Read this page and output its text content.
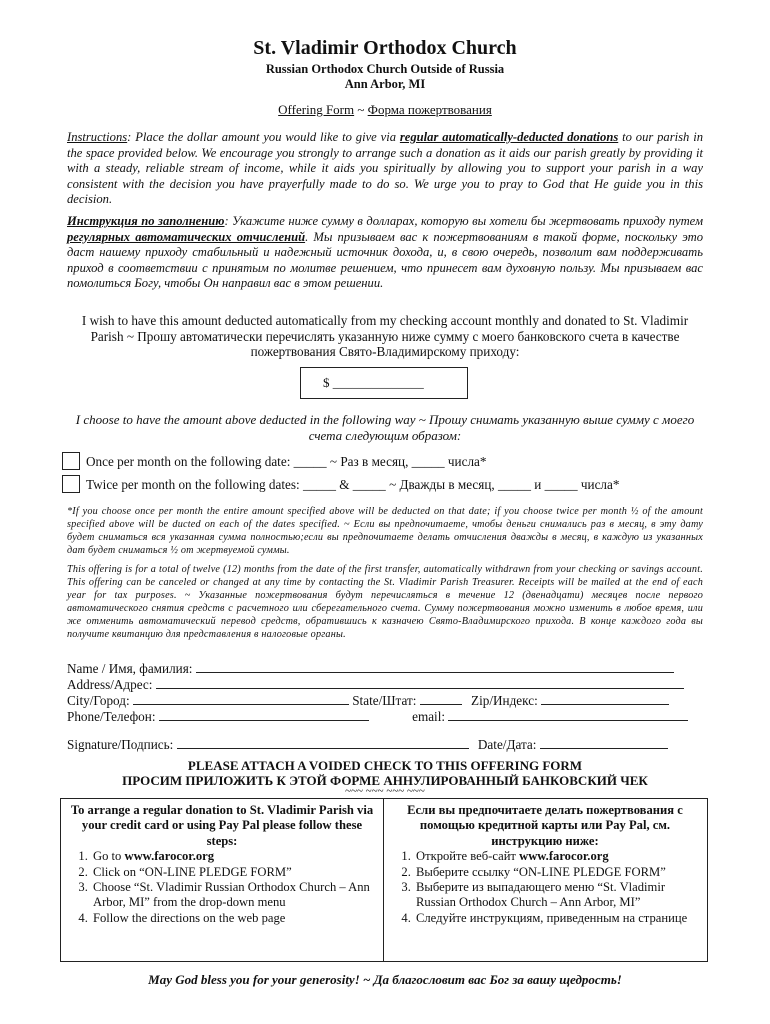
St. Vladimir Orthodox Church
Russian Orthodox Church Outside of Russia
Ann Arbor, MI
Offering Form ~ Форма пожертвования
Instructions: Place the dollar amount you would like to give via regular automatically-deducted donations to our parish in the space provided below. We encourage you strongly to arrange such a donation as it aids our parish greatly by providing it with a steady, reliable stream of income, while it aids you spiritually by allowing you to support your parish in a way consistent with the decision you have prayerfully made to do so. We urge you to pray to God that He guide you in this decision.
Инструкция по заполнению: Укажите ниже сумму в долларах, которую вы хотели бы жертвовать приходу путем регулярных автоматических отчислений. Мы призываем вас к пожертвованиям в такой форме, поскольку это даст нашему приходу стабильный и надежный источник дохода, и, в свою очередь, позволит вам поддерживать приход в соответствии с принятым по молитве решением, что принесет вам духовную пользу. Мы призываем вас помолиться Богу, чтобы Он направил вас в этом решении.
I wish to have this amount deducted automatically from my checking account monthly and donated to St. Vladimir Parish ~ Прошу автоматически перечислять указанную ниже сумму с моего банковского счета в качестве пожертвования Свято-Владимирскому приходу:
$ ______________
I choose to have the amount above deducted in the following way ~ Прошу снимать указанную выше сумму с моего счета следующим образом:
Once per month on the following date: _____ ~ Раз в месяц, _____ числа*
Twice per month on the following dates: _____ & _____ ~ Дважды в месяц, _____ и _____ числа*
*If you choose once per month the entire amount specified above will be deducted on that date; if you choose twice per month ½ of the amount specified above will be ducted on each of the dates specified. ~ Если вы предпочитаете, чтобы деньги снимались раз в месяц, в эту дату будет сниматься вся указанная сумма полностью;если вы предпочитаете делать отчисления дважды в месяц, в каждую из указанных дат будет сниматься ½ от жертвуемой суммы.
This offering is for a total of twelve (12) months from the date of the first transfer, automatically withdrawn from your checking or savings account. This offering can be canceled or changed at any time by contacting the St. Vladimir Parish Treasurer. Receipts will be mailed at the end of each year for tax purposes. ~ Указанные пожертвования будут перечисляться в течение 12 (двенадцати) месяцев после первого автоматического снятия средств с расчетного или сберегательного счета. Сумму пожертвования можно изменить в любое время, или же отменить автоматический перевод средств, обратившись к казначею Свято-Владимирского прихода. В конце каждого года вы получите квитанцию для представления в налоговые органы.
Name / Имя, фамилия:
Address/Адрес:
City/Город:	State/Штат:	Zip/Индекс:
Phone/Телефон:	email:
Signature/Подпись:	Date/Дата:
PLEASE ATTACH A VOIDED CHECK TO THIS OFFERING FORM
ПРОСИМ ПРИЛОЖИТЬ К ЭТОЙ ФОРМЕ АННУЛИРОВАННЫЙ БАНКОВСКИЙ ЧЕК
~~~ ~~~ ~~~ ~~~
To arrange a regular donation to St. Vladimir Parish via your credit card or using Pay Pal please follow these steps:
1. Go to www.farocor.org
2. Click on “ON-LINE PLEDGE FORM”
3. Choose “St. Vladimir Russian Orthodox Church – Ann Arbor, MI” from the drop-down menu
4. Follow the directions on the web page
Если вы предпочитаете делать пожертвования с помощью кредитной карты или Pay Pal, см. инструкцию ниже:
1. Откройте веб-сайт www.farocor.org
2. Выберите ссылку “ON-LINE PLEDGE FORM”
3. Выберите из выпадающего меню “St. Vladimir Russian Orthodox Church – Ann Arbor, MI”
4. Следуйте инструкциям, приведенным на странице
May God bless you for your generosity! ~ Да благословит вас Бог за вашу щедрость!
